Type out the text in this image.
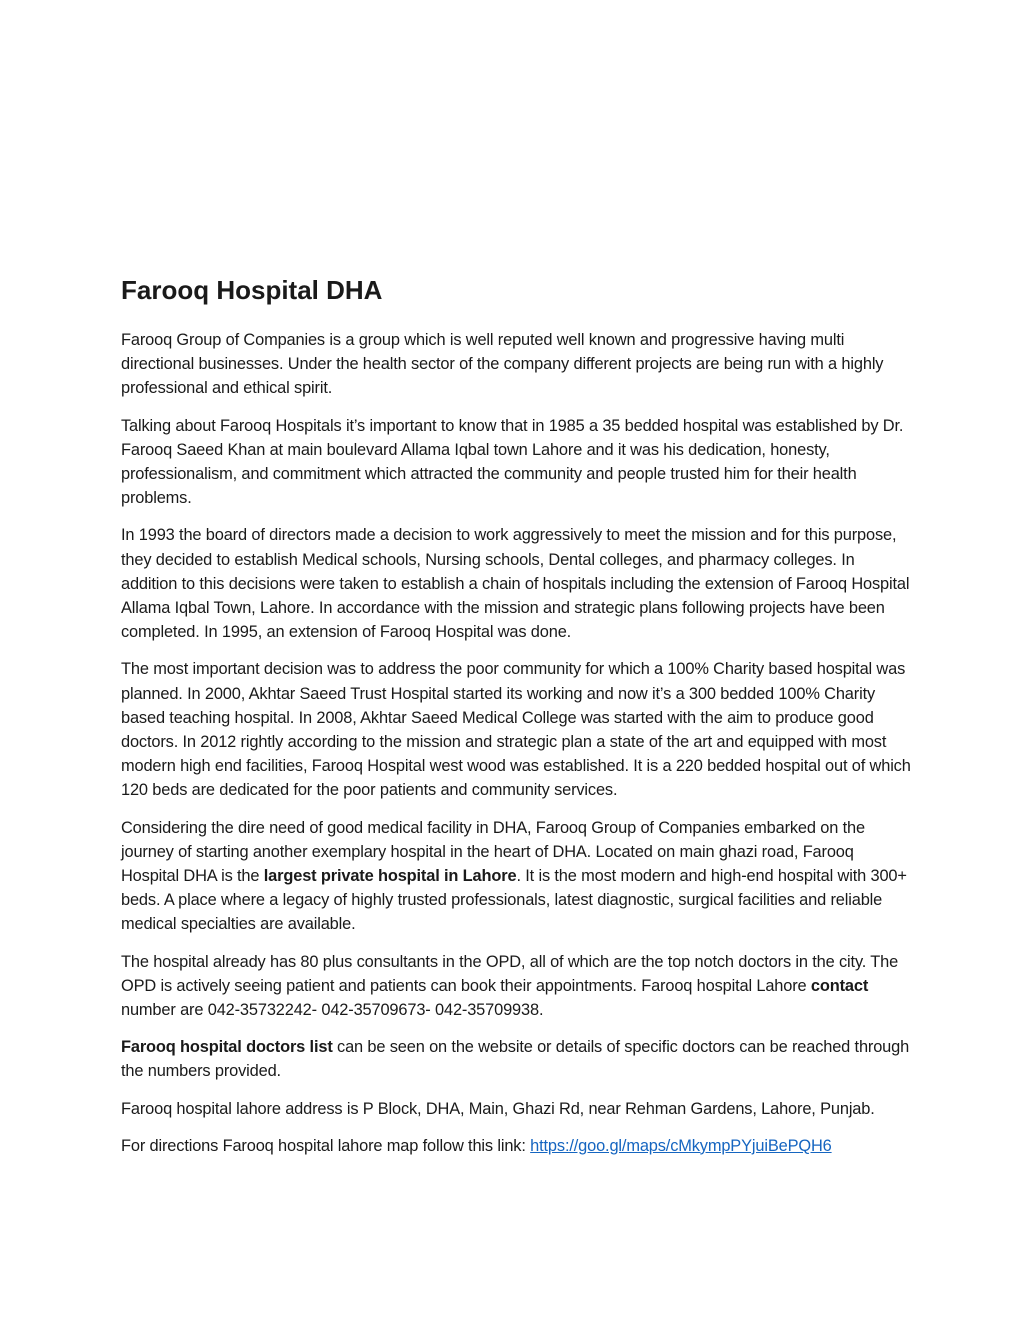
Farooq Hospital DHA

Farooq Group of Companies is a group which is well reputed well known and progressive having multi directional businesses. Under the health sector of the company different projects are being run with a highly professional and ethical spirit.

Talking about Farooq Hospitals it’s important to know that in 1985 a 35 bedded hospital was established by Dr. Farooq Saeed Khan at main boulevard Allama Iqbal town Lahore and it was his dedication, honesty, professionalism, and commitment which attracted the community and people trusted him for their health problems.

In 1993 the board of directors made a decision to work aggressively to meet the mission and for this purpose, they decided to establish Medical schools, Nursing schools, Dental colleges, and pharmacy colleges. In addition to this decisions were taken to establish a chain of hospitals including the extension of Farooq Hospital Allama Iqbal Town, Lahore. In accordance with the mission and strategic plans following projects have been completed. In 1995, an extension of Farooq Hospital was done.

The most important decision was to address the poor community for which a 100% Charity based hospital was planned. In 2000, Akhtar Saeed Trust Hospital started its working and now it’s a 300 bedded 100% Charity based teaching hospital. In 2008, Akhtar Saeed Medical College was started with the aim to produce good doctors. In 2012 rightly according to the mission and strategic plan a state of the art and equipped with most modern high end facilities, Farooq Hospital west wood was established. It is a 220 bedded hospital out of which 120 beds are dedicated for the poor patients and community services.

Considering the dire need of good medical facility in DHA, Farooq Group of Companies embarked on the journey of starting another exemplary hospital in the heart of DHA. Located on main ghazi road, Farooq Hospital DHA is the largest private hospital in Lahore. It is the most modern and high-end hospital with 300+ beds. A place where a legacy of highly trusted professionals, latest diagnostic, surgical facilities and reliable medical specialties are available.

The hospital already has 80 plus consultants in the OPD, all of which are the top notch doctors in the city. The OPD is actively seeing patient and patients can book their appointments. Farooq hospital Lahore contact number are 042-35732242- 042-35709673- 042-35709938.

Farooq hospital doctors list can be seen on the website or details of specific doctors can be reached through the numbers provided.

Farooq hospital lahore address is P Block, DHA, Main, Ghazi Rd, near Rehman Gardens, Lahore, Punjab.

For directions Farooq hospital lahore map follow this link: https://goo.gl/maps/cMkympPYjuiBePQH6
